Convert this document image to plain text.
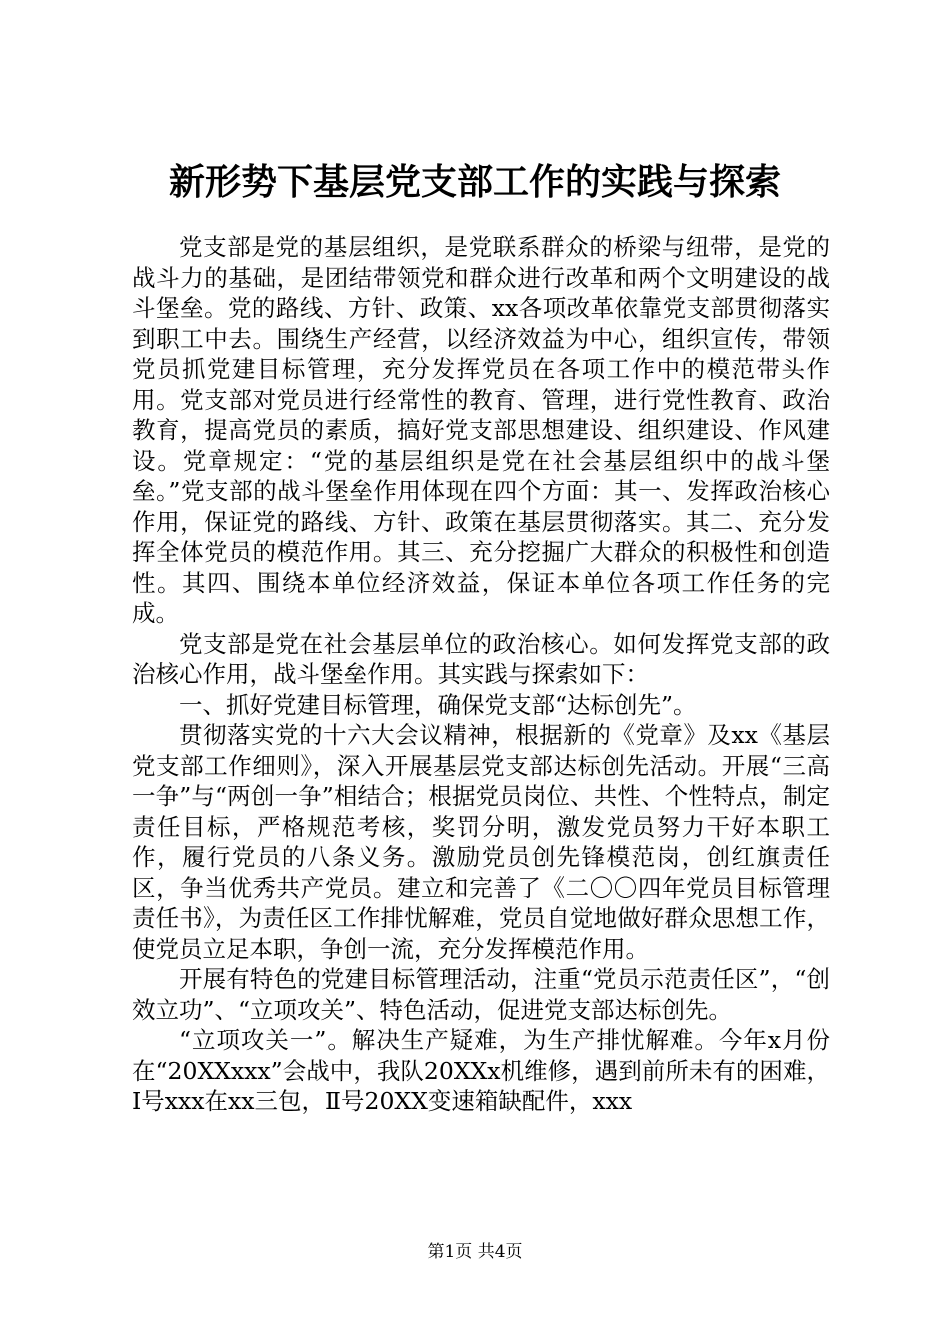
新形势下基层党支部工作的实践与探索

党支部是党的基层组织，是党联系群众的桥梁与纽带，是党的战斗力的基础，是团结带领党和群众进行改革和两个文明建设的战斗堡垒。党的路线、方针、政策、xx各项改革依靠党支部贯彻落实到职工中去。围绕生产经营，以经济效益为中心，组织宣传，带领党员抓党建目标管理，充分发挥党员在各项工作中的模范带头作用。党支部对党员进行经常性的教育、管理，进行党性教育、政治教育，提高党员的素质，搞好党支部思想建设、组织建设、作风建设。党章规定：“党的基层组织是党在社会基层组织中的战斗堡垒。”党支部的战斗堡垒作用体现在四个方面：其一、发挥政治核心作用，保证党的路线、方针、政策在基层贯彻落实。其二、充分发挥全体党员的模范作用。其三、充分挖掘广大群众的积极性和创造性。其四、围绕本单位经济效益，保证本单位各项工作任务的完成。

党支部是党在社会基层单位的政治核心。如何发挥党支部的政治核心作用，战斗堡垒作用。其实践与探索如下：

一、抓好党建目标管理，确保党支部“达标创先”。

贯彻落实党的十六大会议精神，根据新的《党章》及xx《基层党支部工作细则》，深入开展基层党支部达标创先活动。开展“三高一争”与“两创一争”相结合；根据党员岗位、共性、个性特点，制定责任目标，严格规范考核，奖罚分明，激发党员努力干好本职工作，履行党员的八条义务。激励党员创先锋模范岗，创红旗责任区，争当优秀共产党员。建立和完善了《二〇〇四年党员目标管理责任书》，为责任区工作排忧解难，党员自觉地做好群众思想工作，使党员立足本职，争创一流，充分发挥模范作用。

开展有特色的党建目标管理活动，注重“党员示范责任区”，“创效立功”、“立项攻关”、特色活动，促进党支部达标创先。

“立项攻关一”。解决生产疑难，为生产排忧解难。今年x月份在“20XXxxx”会战中，我队20XXx机维修，遇到前所未有的困难，Ⅰ号xxx在xx三包，Ⅱ号20XX变速箱缺配件，xxx

第1页 共4页
